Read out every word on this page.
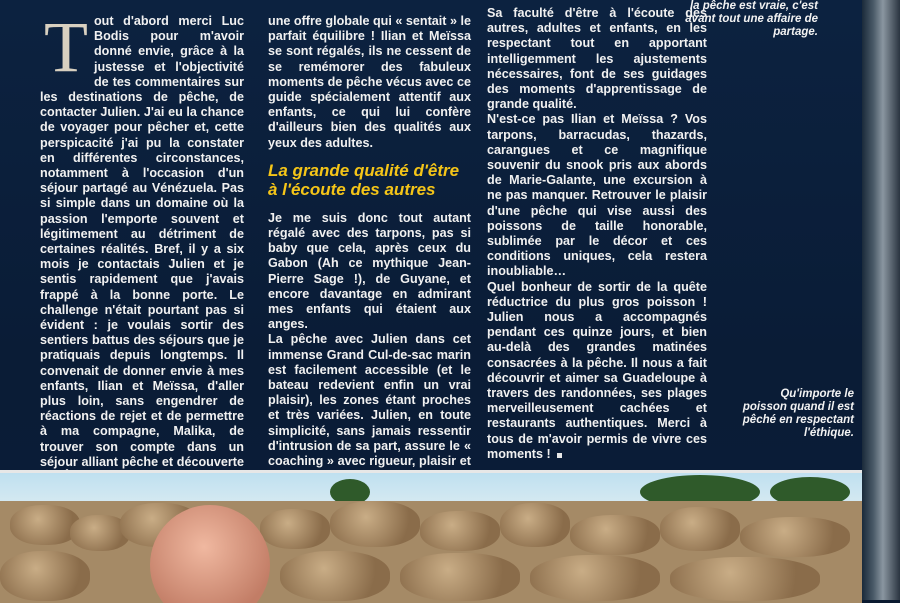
Tout d'abord merci Luc Bodis pour m'avoir donné envie, grâce à la justesse et l'objectivité de tes commentaires sur les destinations de pêche, de contacter Julien. J'ai eu la chance de voyager pour pêcher et, cette perspicacité j'ai pu la constater en différentes circonstances, notamment à l'occasion d'un séjour partagé au Vénézuela. Pas si simple dans un domaine où la passion l'emporte souvent et légitimement au détriment de certaines réalités. Bref, il y a six mois je contactais Julien et je sentis rapidement que j'avais frappé à la bonne porte. Le challenge n'était pourtant pas si évident : je voulais sortir des sentiers battus des séjours que je pratiquais depuis longtemps. Il convenait de donner envie à mes enfants, Ilian et Meïssa, d'aller plus loin, sans engendrer de réactions de rejet et de permettre à ma compagne, Malika, de trouver son compte dans un séjour alliant pêche et découverte

une offre globale qui « sentait » le parfait équilibre ! Ilian et Meïssa se sont régalés, ils ne cessent de se remémorer des fabuleux moments de pêche vécus avec ce guide spécialement attentif aux enfants, ce qui lui confère d'ailleurs bien des qualités aux yeux des adultes.

La grande qualité d'être à l'écoute des autres

Je me suis donc tout autant régalé avec des tarpons, pas si baby que cela, après ceux du Gabon (Ah ce mythique Jean-Pierre Sage !), de Guyane, et encore davantage en admirant mes enfants qui étaient aux anges.

La pêche avec Julien dans cet immense Grand Cul-de-sac marin est facilement accessible (et le bateau redevient enfin un vrai plaisir), les zones étant proches et très variées. Julien, en toute simplicité, sans jamais ressentir d'intrusion de sa part, assure le « coaching » avec rigueur, plaisir et

Sa faculté d'être à l'écoute des autres, adultes et enfants, en les respectant tout en apportant intelligemment les ajustements nécessaires, font de ses guidages des moments d'apprentissage de grande qualité.

N'est-ce pas Ilian et Meïssa ? Vos tarpons, barracudas, thazards, carangues et ce magnifique souvenir du snook pris aux abords de Marie-Galante, une excursion à ne pas manquer. Retrouver le plaisir d'une pêche qui vise aussi des poissons de taille honorable, sublimée par le décor et ces conditions uniques, cela restera inoubliable…

Quel bonheur de sortir de la quête réductrice du plus gros poisson ! Julien nous a accompagnés pendant ces quinze jours, et bien au-delà des grandes matinées consacrées à la pêche. Il nous a fait découvrir et aimer sa Guadeloupe à travers des randonnées, ses plages merveilleusement cachées et restaurants authentiques. Merci à tous de m'avoir permis de vivre ces moments !

la pêche est vraie, c'est avant tout une affaire de partage.
Qu'importe le poisson quand il est pêché en respectant l'éthique.
